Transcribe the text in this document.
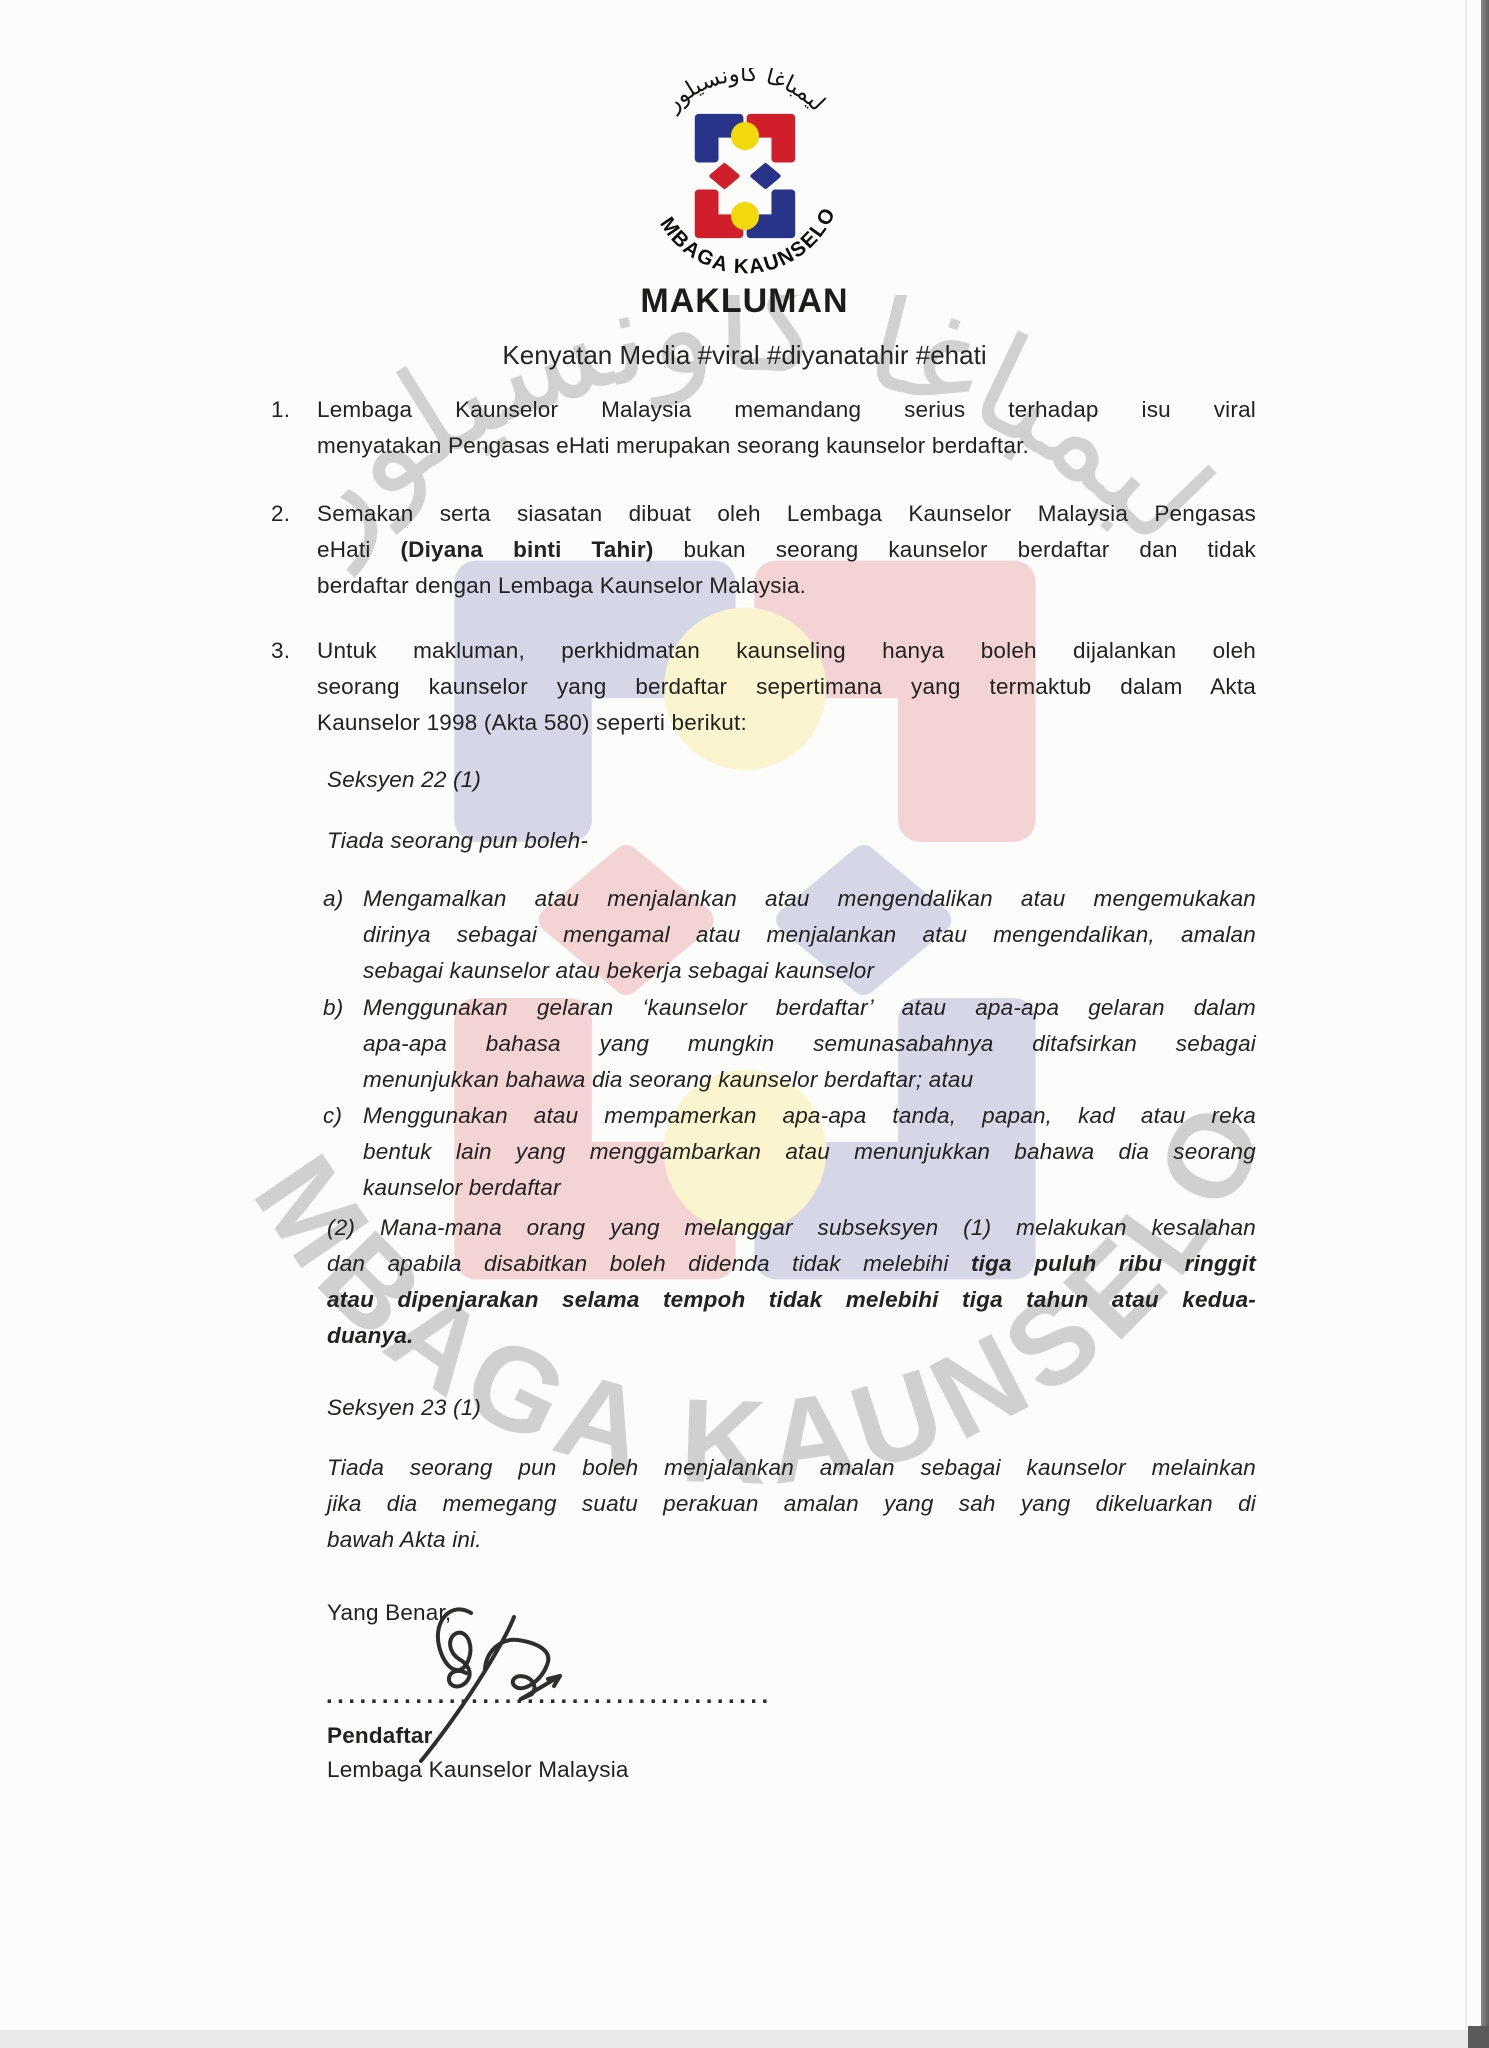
MAKLUMAN
Kenyatan Media #viral #diyanatahir #ehati
1. Lembaga Kaunselor Malaysia memandang serius terhadap isu viral
menyatakan Pengasas eHati merupakan seorang kaunselor berdaftar.
2. Semakan serta siasatan dibuat oleh Lembaga Kaunselor Malaysia Pengasas
eHati (Diyana binti Tahir) bukan seorang kaunselor berdaftar dan tidak
berdaftar dengan Lembaga Kaunselor Malaysia.
3. Untuk makluman, perkhidmatan kaunseling hanya boleh dijalankan oleh
seorang kaunselor yang berdaftar sepertimana yang termaktub dalam Akta
Kaunselor 1998 (Akta 580) seperti berikut:
Seksyen 22 (1)
Tiada seorang pun boleh-
a) Mengamalkan atau menjalankan atau mengendalikan atau mengemukakan
dirinya sebagai mengamal atau menjalankan atau mengendalikan, amalan
sebagai kaunselor atau bekerja sebagai kaunselor
b) Menggunakan gelaran ‘kaunselor berdaftar’ atau apa-apa gelaran dalam
apa-apa bahasa yang mungkin semunasabahnya ditafsirkan sebagai
menunjukkan bahawa dia seorang kaunselor berdaftar; atau
c) Menggunakan atau mempamerkan apa-apa tanda, papan, kad atau reka
bentuk lain yang menggambarkan atau menunjukkan bahawa dia seorang
kaunselor berdaftar
(2) Mana-mana orang yang melanggar subseksyen (1) melakukan kesalahan
dan apabila disabitkan boleh didenda tidak melebihi tiga puluh ribu ringgit
atau dipenjarakan selama tempoh tidak melebihi tiga tahun atau kedua-
duanya.
Seksyen 23 (1)
Tiada seorang pun boleh menjalankan amalan sebagai kaunselor melainkan
jika dia memegang suatu perakuan amalan yang sah yang dikeluarkan di
bawah Akta ini.
Yang Benar,
........................................
Pendaftar,
Lembaga Kaunselor Malaysia
